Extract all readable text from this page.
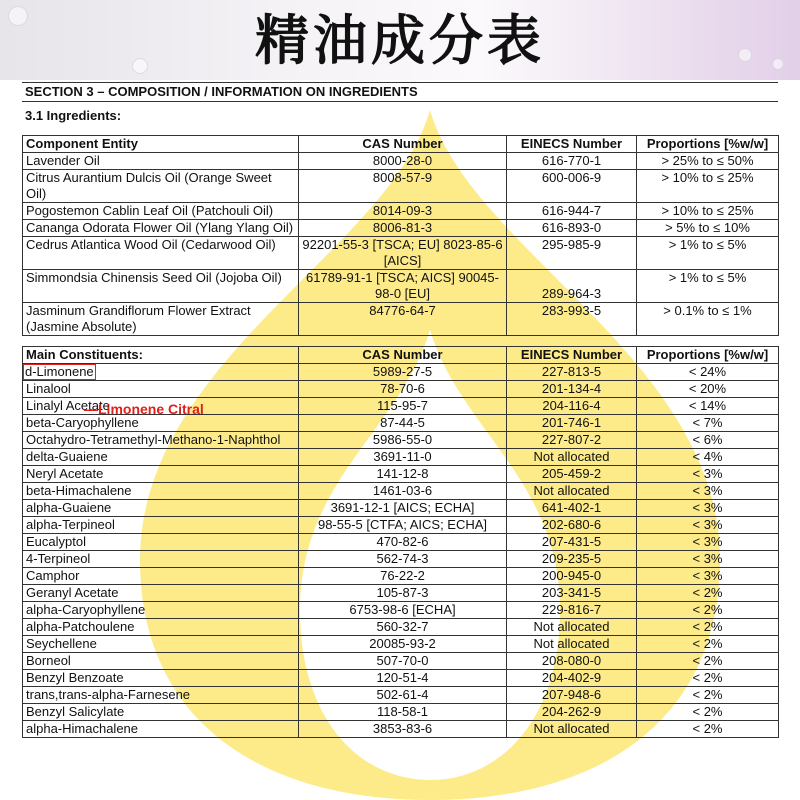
精油成分表
SECTION 3 – COMPOSITION / INFORMATION ON INGREDIENTS
3.1 Ingredients:
Component Entity	CAS Number	EINECS Number	Proportions [%w/w]
Lavender Oil	8000-28-0	616-770-1	> 25% to ≤ 50%
Citrus Aurantium Dulcis Oil (Orange Sweet Oil)	8008-57-9	600-006-9	> 10% to ≤ 25%
Pogostemon Cablin Leaf Oil (Patchouli Oil)	8014-09-3	616-944-7	> 10% to ≤ 25%
Cananga Odorata Flower Oil (Ylang Ylang Oil)	8006-81-3	616-893-0	> 5% to ≤ 10%
Cedrus Atlantica Wood Oil (Cedarwood Oil)	92201-55-3 [TSCA; EU] 8023-85-6 [AICS]	295-985-9	> 1% to ≤ 5%
Simmondsia Chinensis Seed Oil (Jojoba Oil)	61789-91-1 [TSCA; AICS] 90045-98-0 [EU]	289-964-3	> 1% to ≤ 5%
Jasminum Grandiflorum Flower Extract (Jasmine Absolute)	84776-64-7	283-993-5	> 0.1% to ≤ 1%
Main Constituents:	CAS Number	EINECS Number	Proportions [%w/w]
d-Limonene	5989-27-5	227-813-5	< 24%
Linalool	78-70-6	201-134-4	< 20%
Linalyl Acetate	115-95-7	204-116-4	< 14%
beta-Caryophyllene	87-44-5	201-746-1	< 7%
Octahydro-Tetramethyl-Methano-1-Naphthol	5986-55-0	227-807-2	< 6%
delta-Guaiene	3691-11-0	Not allocated	< 4%
Neryl Acetate	141-12-8	205-459-2	< 3%
beta-Himachalene	1461-03-6	Not allocated	< 3%
alpha-Guaiene	3691-12-1 [AICS; ECHA]	641-402-1	< 3%
alpha-Terpineol	98-55-5 [CTFA; AICS; ECHA]	202-680-6	< 3%
Eucalyptol	470-82-6	207-431-5	< 3%
4-Terpineol	562-74-3	209-235-5	< 3%
Camphor	76-22-2	200-945-0	< 3%
Geranyl Acetate	105-87-3	203-341-5	< 2%
alpha-Caryophyllene	6753-98-6 [ECHA]	229-816-7	< 2%
alpha-Patchoulene	560-32-7	Not allocated	< 2%
Seychellene	20085-93-2	Not allocated	< 2%
Borneol	507-70-0	208-080-0	< 2%
Benzyl Benzoate	120-51-4	204-402-9	< 2%
trans,trans-alpha-Farnesene	502-61-4	207-948-6	< 2%
Benzyl Salicylate	118-58-1	204-262-9	< 2%
alpha-Himachalene	3853-83-6	Not allocated	< 2%
—Limonene Citral
